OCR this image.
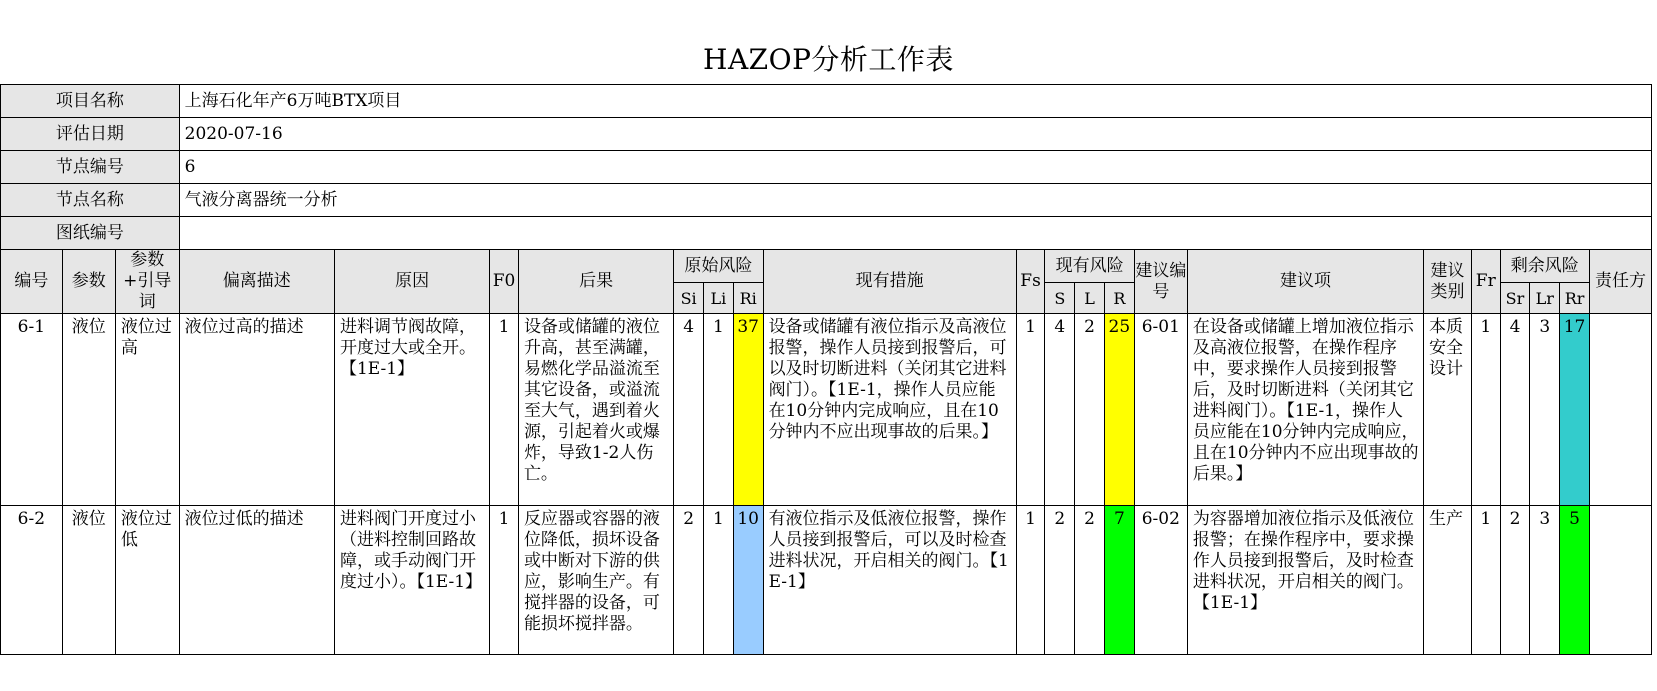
HAZOP分析工作表
项目名称			上海石化年产6万吨BTX项目																			
评估日期			2020-07-16																			
节点编号			6																			
节点名称			气液分离器统一分析																			
图纸编号																						
编号	参数	参数+引导词	偏离描述	原因	F0	后果	原始风险			现有措施	Fs	现有风险			建议编号	建议项	建议类别	Fr	剩余风险			责任方
							Si	Li	Ri			S	L	R					Sr	Lr	Rr	
6-1	液位	液位过高	液位过高的描述	进料调节阀故障，开度过大或全开。【1E-1】	1	设备或储罐的液位升高，甚至满罐，易燃化学品溢流至其它设备，或溢流至大气，遇到着火源，引起着火或爆炸，导致1-2人伤亡。	4	1	37	设备或储罐有液位指示及高液位报警，操作人员接到报警后，可以及时切断进料（关闭其它进料阀门）。【1E-1，操作人员应能在10分钟内完成响应，且在10分钟内不应出现事故的后果。】	1	4	2	25	6-01	在设备或储罐上增加液位指示及高液位报警，在操作程序中，要求操作人员接到报警后，及时切断进料（关闭其它进料阀门）。【1E-1，操作人员应能在10分钟内完成响应，且在10分钟内不应出现事故的后果。】	本质安全设计	1	4	3	17	
6-2	液位	液位过低	液位过低的描述	进料阀门开度过小（进料控制回路故障，或手动阀门开度过小）。【1E-1】	1	反应器或容器的液位降低，损坏设备或中断对下游的供应，影响生产。有搅拌器的设备，可能损坏搅拌器。	2	1	10	有液位指示及低液位报警，操作人员接到报警后，可以及时检查进料状况，开启相关的阀门。【1E-1】	1	2	2	7	6-02	为容器增加液位指示及低液位报警；在操作程序中，要求操作人员接到报警后，及时检查进料状况，开启相关的阀门。【1E-1】	生产	1	2	3	5	
